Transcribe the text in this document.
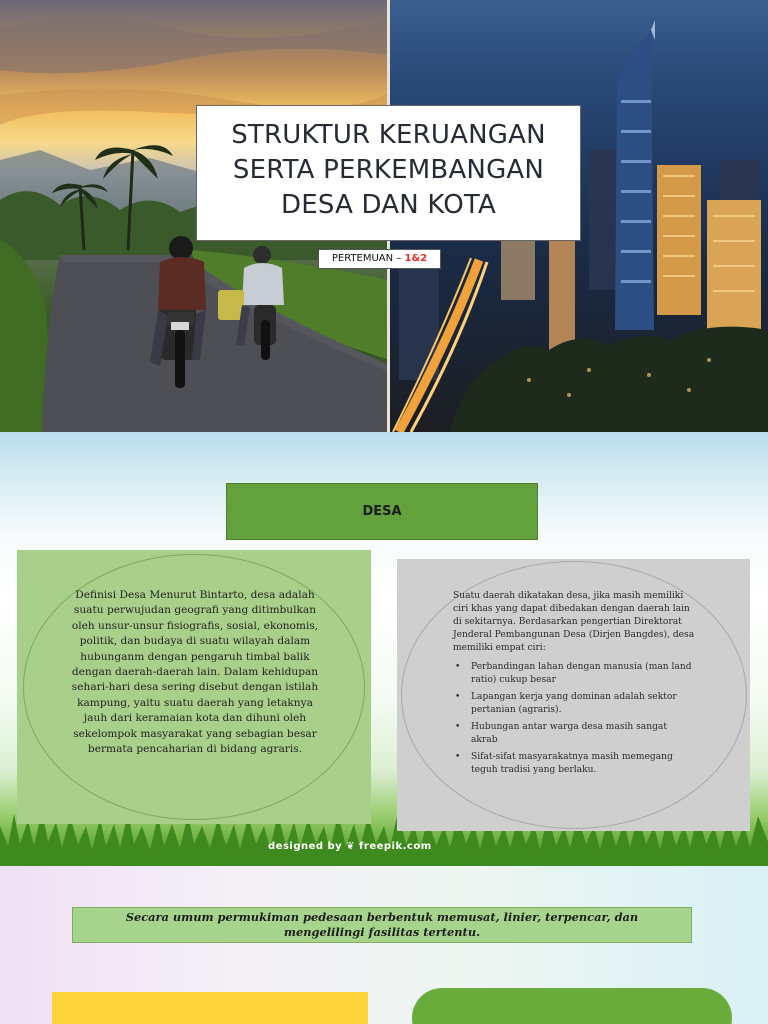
STRUKTUR KERUANGAN
SERTA PERKEMBANGAN
DESA DAN KOTA
PERTEMUAN – 1&2
designed by ❦ freepik.com
DESA
Definisi Desa Menurut Bintarto, desa adalah suatu perwujudan geografi yang ditimbulkan oleh unsur-unsur fisiografis, sosial, ekonomis, politik, dan budaya di suatu wilayah dalam hubunganm dengan pengaruh timbal balik dengan daerah-daerah lain. Dalam kehidupan sehari-hari desa sering disebut dengan istilah kampung, yaitu suatu daerah yang letaknya jauh dari keramaian kota dan dihuni oleh sekelompok masyarakat yang sebagian besar bermata pencaharian di bidang agraris.
Suatu daerah dikatakan desa, jika masih memiliki ciri khas yang dapat dibedakan dengan daerah lain di sekitarnya. Berdasarkan pengertian Direktorat Jenderal Pembangunan Desa (Dirjen Bangdes), desa memiliki empat ciri:
• Perbandingan lahan dengan manusia (man land ratio) cukup besar
• Lapangan kerja yang dominan adalah sektor pertanian (agraris).
• Hubungan antar warga desa masih sangat akrab
• Sifat-sifat masyarakatnya masih memegang teguh tradisi yang berlaku.
Secara umum permukiman pedesaan berbentuk memusat, linier, terpencar, dan
mengelilingi fasilitas tertentu.
